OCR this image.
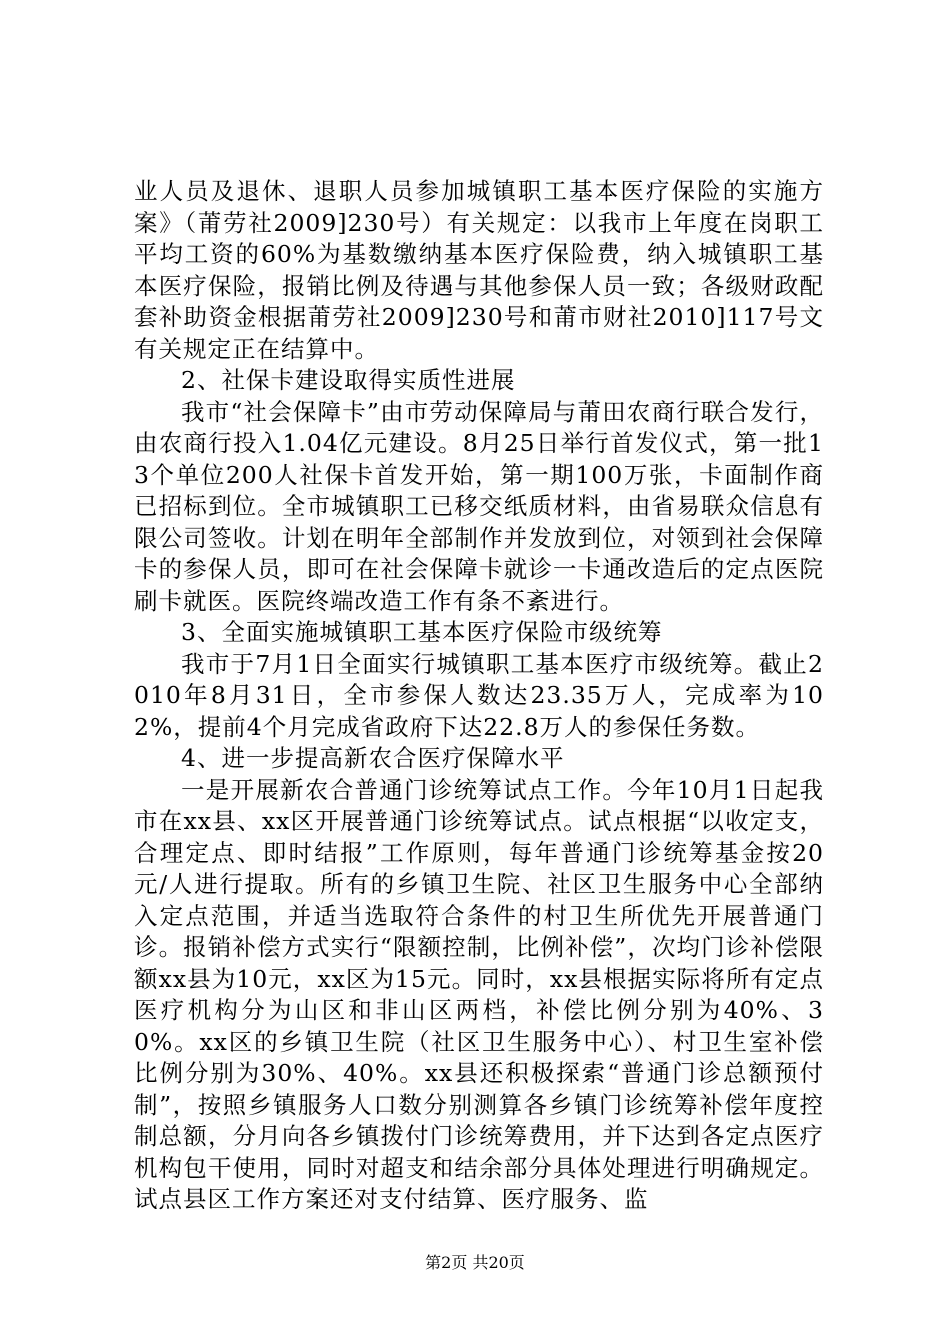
业人员及退休、退职人员参加城镇职工基本医疗保险的实施方案》（莆劳社2009]230号）有关规定：以我市上年度在岗职工平均工资的60%为基数缴纳基本医疗保险费，纳入城镇职工基本医疗保险，报销比例及待遇与其他参保人员一致；各级财政配套补助资金根据莆劳社2009]230号和莆市财社2010]117号文有关规定正在结算中。

2、社保卡建设取得实质性进展

我市“社会保障卡”由市劳动保障局与莆田农商行联合发行，由农商行投入1.04亿元建设。8月25日举行首发仪式，第一批13个单位200人社保卡首发开始，第一期100万张，卡面制作商已招标到位。全市城镇职工已移交纸质材料，由省易联众信息有限公司签收。计划在明年全部制作并发放到位，对领到社会保障卡的参保人员，即可在社会保障卡就诊一卡通改造后的定点医院刷卡就医。医院终端改造工作有条不紊进行。

3、全面实施城镇职工基本医疗保险市级统筹

我市于7月1日全面实行城镇职工基本医疗市级统筹。截止2010年8月31日，全市参保人数达23.35万人，完成率为102%，提前4个月完成省政府下达22.8万人的参保任务数。

4、进一步提高新农合医疗保障水平

一是开展新农合普通门诊统筹试点工作。今年10月1日起我市在xx县、xx区开展普通门诊统筹试点。试点根据“以收定支，合理定点、即时结报”工作原则，每年普通门诊统筹基金按20元/人进行提取。所有的乡镇卫生院、社区卫生服务中心全部纳入定点范围，并适当选取符合条件的村卫生所优先开展普通门诊。报销补偿方式实行“限额控制，比例补偿”，次均门诊补偿限额xx县为10元，xx区为15元。同时，xx县根据实际将所有定点医疗机构分为山区和非山区两档，补偿比例分别为40%、30%。xx区的乡镇卫生院（社区卫生服务中心）、村卫生室补偿比例分别为30%、40%。xx县还积极探索“普通门诊总额预付制”，按照乡镇服务人口数分别测算各乡镇门诊统筹补偿年度控制总额，分月向各乡镇拨付门诊统筹费用，并下达到各定点医疗机构包干使用，同时对超支和结余部分具体处理进行明确规定。试点县区工作方案还对支付结算、医疗服务、监

第2页 共20页
